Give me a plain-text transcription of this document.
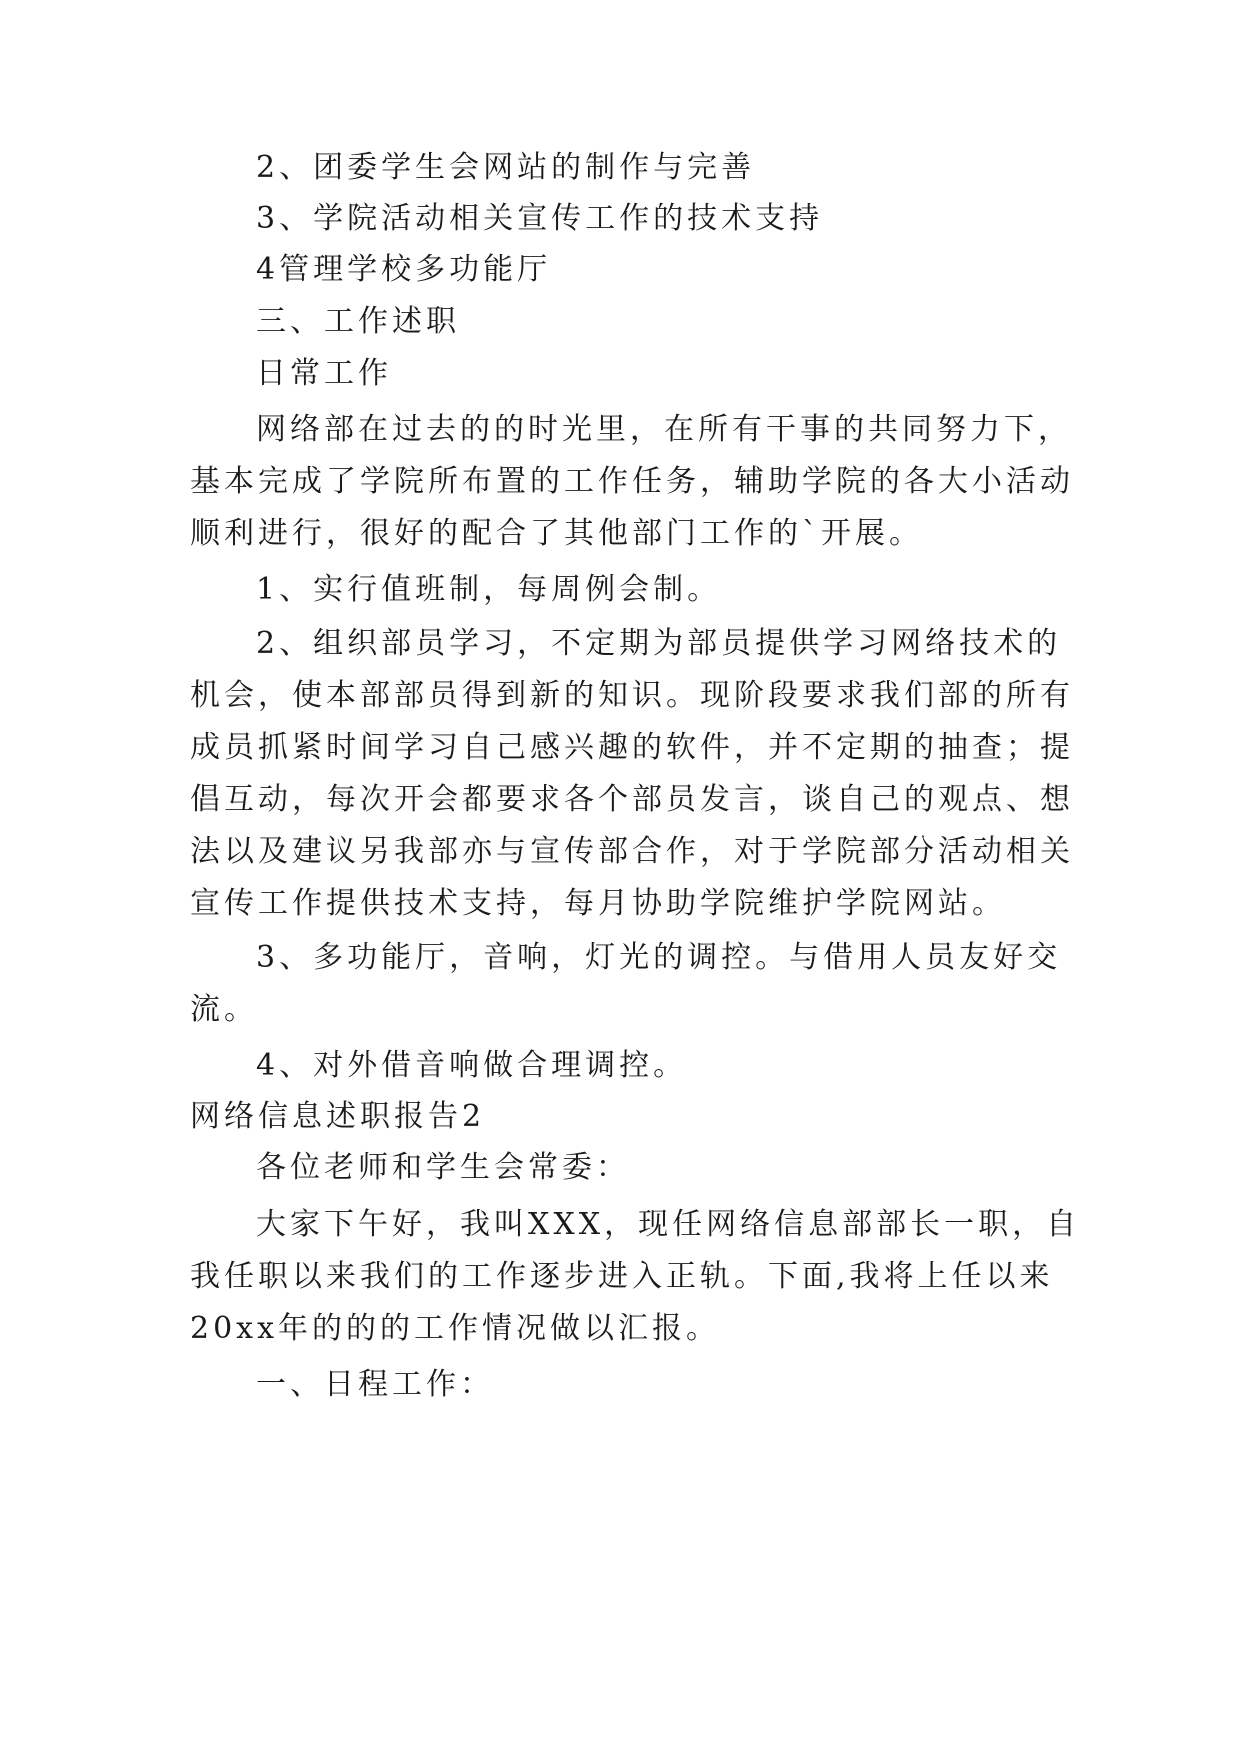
2、团委学生会网站的制作与完善
3、学院活动相关宣传工作的技术支持
4管理学校多功能厅
三、工作述职
日常工作
网络部在过去的的时光里，在所有干事的共同努力下，
基本完成了学院所布置的工作任务，辅助学院的各大小活动
顺利进行，很好的配合了其他部门工作的`开展。
1、实行值班制，每周例会制。
2、组织部员学习，不定期为部员提供学习网络技术的
机会，使本部部员得到新的知识。现阶段要求我们部的所有
成员抓紧时间学习自己感兴趣的软件，并不定期的抽查；提
倡互动，每次开会都要求各个部员发言，谈自己的观点、想
法以及建议另我部亦与宣传部合作，对于学院部分活动相关
宣传工作提供技术支持，每月协助学院维护学院网站。
3、多功能厅，音响，灯光的调控。与借用人员友好交
流。
4、对外借音响做合理调控。
网络信息述职报告2
各位老师和学生会常委：
大家下午好，我叫XXX，现任网络信息部部长一职，自
我任职以来我们的工作逐步进入正轨。下面,我将上任以来
20xx年的的的工作情况做以汇报。
一、日程工作：
